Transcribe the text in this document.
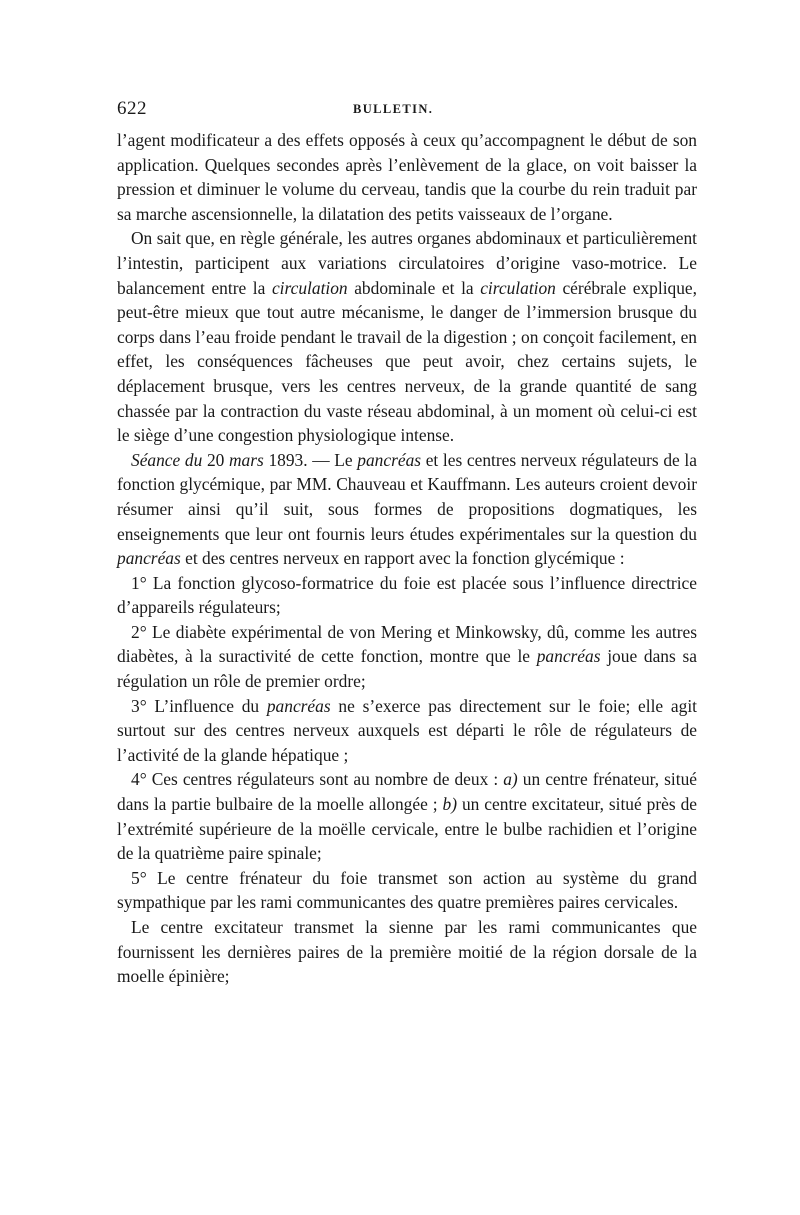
622	BULLETIN.

l’agent modificateur a des effets opposés à ceux qu’accompagnent le début de son application. Quelques secondes après l’enlèvement de la glace, on voit baisser la pression et diminuer le volume du cerveau, tandis que la courbe du rein traduit par sa marche ascensionnelle, la dilatation des petits vaisseaux de l’organe.

On sait que, en règle générale, les autres organes abdominaux et particulièrement l’intestin, participent aux variations circulatoires d’origine vaso-motrice. Le balancement entre la circulation abdominale et la circulation cérébrale explique, peut-être mieux que tout autre mécanisme, le danger de l’immersion brusque du corps dans l’eau froide pendant le travail de la digestion ; on conçoit facilement, en effet, les conséquences fâcheuses que peut avoir, chez certains sujets, le déplacement brusque, vers les centres nerveux, de la grande quantité de sang chassée par la contraction du vaste réseau abdominal, à un moment où celui-ci est le siège d’une congestion physiologique intense.

Séance du 20 mars 1893. — Le pancréas et les centres nerveux régulateurs de la fonction glycémique, par MM. Chauveau et Kauffmann. Les auteurs croient devoir résumer ainsi qu’il suit, sous formes de propositions dogmatiques, les enseignements que leur ont fournis leurs études expérimentales sur la question du pancréas et des centres nerveux en rapport avec la fonction glycémique :

1° La fonction glycoso-formatrice du foie est placée sous l’influence directrice d’appareils régulateurs;

2° Le diabète expérimental de von Mering et Minkowsky, dû, comme les autres diabètes, à la suractivité de cette fonction, montre que le pancréas joue dans sa régulation un rôle de premier ordre;

3° L’influence du pancréas ne s’exerce pas directement sur le foie; elle agit surtout sur des centres nerveux auxquels est départi le rôle de régulateurs de l’activité de la glande hépatique ;

4° Ces centres régulateurs sont au nombre de deux : a) un centre frénateur, situé dans la partie bulbaire de la moelle allongée ; b) un centre excitateur, situé près de l’extrémité supérieure de la moëlle cervicale, entre le bulbe rachidien et l’origine de la quatrième paire spinale;

5° Le centre frénateur du foie transmet son action au système du grand sympathique par les rami communicantes des quatre premières paires cervicales.

Le centre excitateur transmet la sienne par les rami communicantes que fournissent les dernières paires de la première moitié de la région dorsale de la moelle épinière;
